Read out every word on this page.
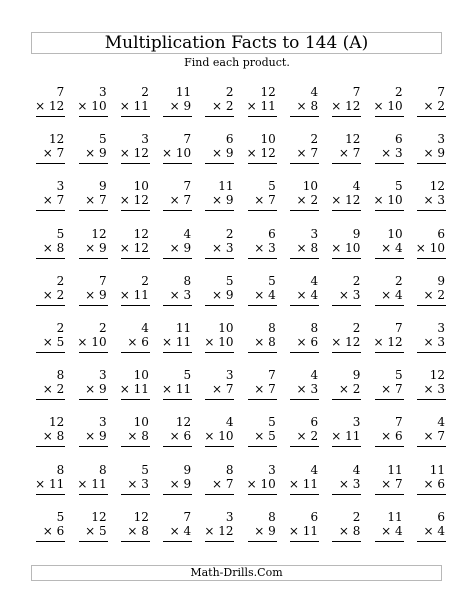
Multiplication Facts to 144 (A)
Find each product.
7
× 12
3
× 10
2
× 11
11
× 9
2
× 2
12
× 11
4
× 8
7
× 12
2
× 10
7
× 2
12
× 7
5
× 9
3
× 12
7
× 10
6
× 9
10
× 12
2
× 7
12
× 7
6
× 3
3
× 9
3
× 7
9
× 7
10
× 12
7
× 7
11
× 9
5
× 7
10
× 2
4
× 12
5
× 10
12
× 3
5
× 8
12
× 9
12
× 12
4
× 9
2
× 3
6
× 3
3
× 8
9
× 10
10
× 4
6
× 10
2
× 2
7
× 9
2
× 11
8
× 3
5
× 9
5
× 4
4
× 4
2
× 3
2
× 4
9
× 2
2
× 5
2
× 10
4
× 6
11
× 11
10
× 10
8
× 8
8
× 6
2
× 12
7
× 12
3
× 3
8
× 2
3
× 9
10
× 11
5
× 11
3
× 7
7
× 7
4
× 3
9
× 2
5
× 7
12
× 3
12
× 8
3
× 9
10
× 8
12
× 6
4
× 10
5
× 5
6
× 2
3
× 11
7
× 6
4
× 7
8
× 11
8
× 11
5
× 3
9
× 9
8
× 7
3
× 10
4
× 11
4
× 3
11
× 7
11
× 6
5
× 6
12
× 5
12
× 8
7
× 4
3
× 12
8
× 9
6
× 11
2
× 8
11
× 4
6
× 4
Math-Drills.Com
